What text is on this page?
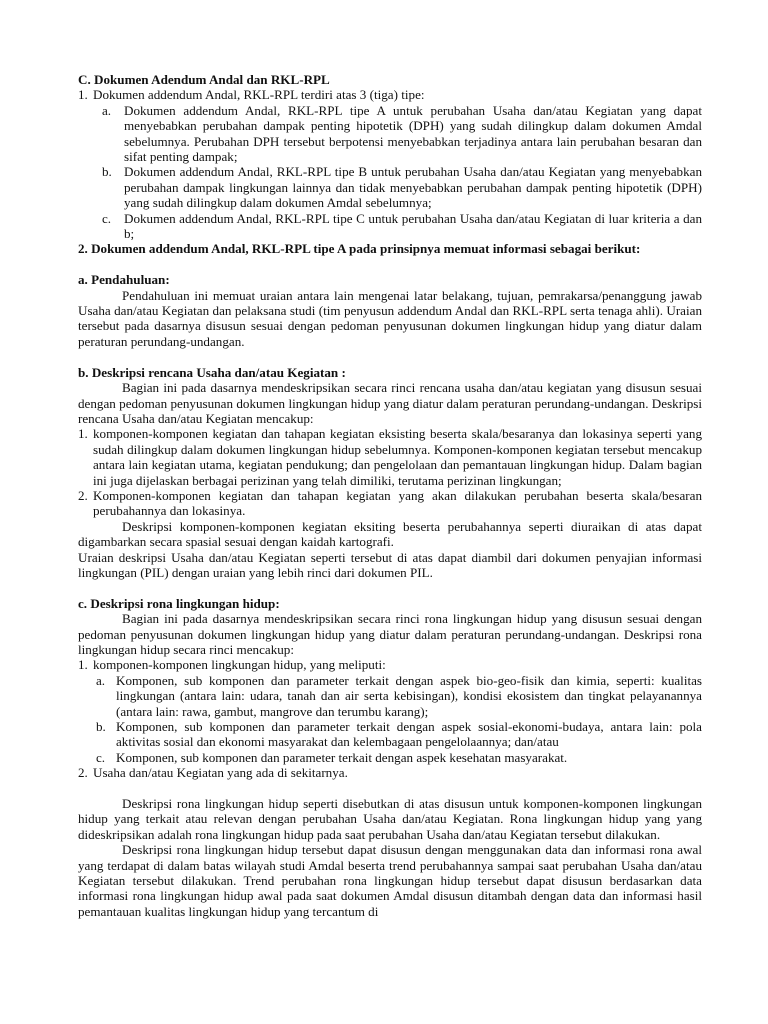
C. Dokumen Adendum Andal dan RKL-RPL

1. Dokumen addendum Andal, RKL-RPL terdiri atas 3 (tiga) tipe:
a. Dokumen addendum Andal, RKL-RPL tipe A untuk perubahan Usaha dan/atau Kegiatan yang dapat menyebabkan perubahan dampak penting hipotetik (DPH) yang sudah dilingkup dalam dokumen Amdal sebelumnya. Perubahan DPH tersebut berpotensi menyebabkan terjadinya antara lain perubahan besaran dan sifat penting dampak;
b. Dokumen addendum Andal, RKL-RPL tipe B untuk perubahan Usaha dan/atau Kegiatan yang menyebabkan perubahan dampak lingkungan lainnya dan tidak menyebabkan perubahan dampak penting hipotetik (DPH) yang sudah dilingkup dalam dokumen Amdal sebelumnya;
c. Dokumen addendum Andal, RKL-RPL tipe C untuk perubahan Usaha dan/atau Kegiatan di luar kriteria a dan b;

2. Dokumen addendum Andal, RKL-RPL tipe A pada prinsipnya memuat informasi sebagai berikut:

a. Pendahuluan:

Pendahuluan ini memuat uraian antara lain mengenai latar belakang, tujuan, pemrakarsa/penanggung jawab Usaha dan/atau Kegiatan dan pelaksana studi (tim penyusun addendum Andal dan RKL-RPL serta tenaga ahli). Uraian tersebut pada dasarnya disusun sesuai dengan pedoman penyusunan dokumen lingkungan hidup yang diatur dalam peraturan perundang-undangan.

b. Deskripsi rencana Usaha dan/atau Kegiatan :

Bagian ini pada dasarnya mendeskripsikan secara rinci rencana usaha dan/atau kegiatan yang disusun sesuai dengan pedoman penyusunan dokumen lingkungan hidup yang diatur dalam peraturan perundang-undangan. Deskripsi rencana Usaha dan/atau Kegiatan mencakup:

1. komponen-komponen kegiatan dan tahapan kegiatan eksisting beserta skala/besaranya dan lokasinya seperti yang sudah dilingkup dalam dokumen lingkungan hidup sebelumnya. Komponen-komponen kegiatan tersebut mencakup antara lain kegiatan utama, kegiatan pendukung; dan pengelolaan dan pemantauan lingkungan hidup. Dalam bagian ini juga dijelaskan berbagai perizinan yang telah dimiliki, terutama perizinan lingkungan;
2. Komponen-komponen kegiatan dan tahapan kegiatan yang akan dilakukan perubahan beserta skala/besaran perubahannya dan lokasinya.

Deskripsi komponen-komponen kegiatan eksiting beserta perubahannya seperti diuraikan di atas dapat digambarkan secara spasial sesuai dengan kaidah kartografi.

Uraian deskripsi Usaha dan/atau Kegiatan seperti tersebut di atas dapat diambil dari dokumen penyajian informasi lingkungan (PIL) dengan uraian yang lebih rinci dari dokumen PIL.

c. Deskripsi rona lingkungan hidup:

Bagian ini pada dasarnya mendeskripsikan secara rinci rona lingkungan hidup yang disusun sesuai dengan pedoman penyusunan dokumen lingkungan hidup yang diatur dalam peraturan perundang-undangan. Deskripsi rona lingkungan hidup secara rinci mencakup:

1. komponen-komponen lingkungan hidup, yang meliputi:
a. Komponen, sub komponen dan parameter terkait dengan aspek bio-geo-fisik dan kimia, seperti: kualitas lingkungan (antara lain: udara, tanah dan air serta kebisingan), kondisi ekosistem dan tingkat pelayanannya (antara lain: rawa, gambut, mangrove dan terumbu karang);
b. Komponen, sub komponen dan parameter terkait dengan aspek sosial-ekonomi-budaya, antara lain: pola aktivitas sosial dan ekonomi masyarakat dan kelembagaan pengelolaannya; dan/atau
c. Komponen, sub komponen dan parameter terkait dengan aspek kesehatan masyarakat.
2. Usaha dan/atau Kegiatan yang ada di sekitarnya.

Deskripsi rona lingkungan hidup seperti disebutkan di atas disusun untuk komponen-komponen lingkungan hidup yang terkait atau relevan dengan perubahan Usaha dan/atau Kegiatan. Rona lingkungan hidup yang yang dideskripsikan adalah rona lingkungan hidup pada saat perubahan Usaha dan/atau Kegiatan tersebut dilakukan.

Deskripsi rona lingkungan hidup tersebut dapat disusun dengan menggunakan data dan informasi rona awal yang terdapat di dalam batas wilayah studi Amdal beserta trend perubahannya sampai saat perubahan Usaha dan/atau Kegiatan tersebut dilakukan. Trend perubahan rona lingkungan hidup tersebut dapat disusun berdasarkan data informasi rona lingkungan hidup awal pada saat dokumen Amdal disusun ditambah dengan data dan informasi hasil pemantauan kualitas lingkungan hidup yang tercantum di
